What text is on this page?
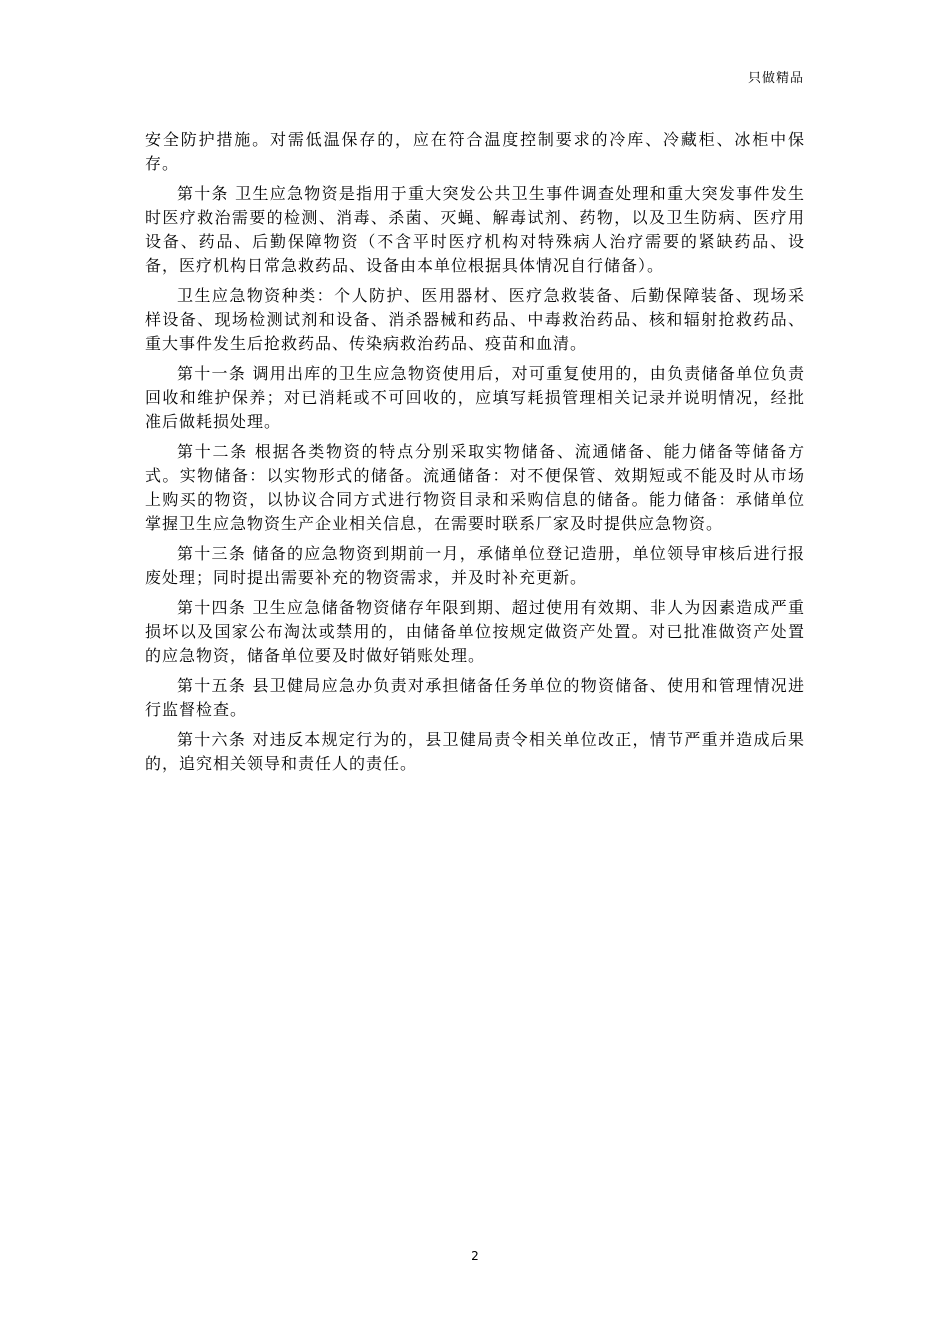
只做精品

安全防护措施。对需低温保存的，应在符合温度控制要求的冷库、冷藏柜、冰柜中保存。

第十条 卫生应急物资是指用于重大突发公共卫生事件调查处理和重大突发事件发生时医疗救治需要的检测、消毒、杀菌、灭蝇、解毒试剂、药物，以及卫生防病、医疗用设备、药品、后勤保障物资（不含平时医疗机构对特殊病人治疗需要的紧缺药品、设备，医疗机构日常急救药品、设备由本单位根据具体情况自行储备）。

卫生应急物资种类：个人防护、医用器材、医疗急救装备、后勤保障装备、现场采样设备、现场检测试剂和设备、消杀器械和药品、中毒救治药品、核和辐射抢救药品、重大事件发生后抢救药品、传染病救治药品、疫苗和血清。

第十一条 调用出库的卫生应急物资使用后，对可重复使用的，由负责储备单位负责回收和维护保养；对已消耗或不可回收的，应填写耗损管理相关记录并说明情况，经批准后做耗损处理。

第十二条 根据各类物资的特点分别采取实物储备、流通储备、能力储备等储备方式。实物储备：以实物形式的储备。流通储备：对不便保管、效期短或不能及时从市场上购买的物资，以协议合同方式进行物资目录和采购信息的储备。能力储备：承储单位掌握卫生应急物资生产企业相关信息，在需要时联系厂家及时提供应急物资。

第十三条 储备的应急物资到期前一月，承储单位登记造册，单位领导审核后进行报废处理；同时提出需要补充的物资需求，并及时补充更新。

第十四条 卫生应急储备物资储存年限到期、超过使用有效期、非人为因素造成严重损坏以及国家公布淘汰或禁用的，由储备单位按规定做资产处置。对已批准做资产处置的应急物资，储备单位要及时做好销账处理。

第十五条 县卫健局应急办负责对承担储备任务单位的物资储备、使用和管理情况进行监督检查。

第十六条 对违反本规定行为的，县卫健局责令相关单位改正，情节严重并造成后果的，追究相关领导和责任人的责任。

2
